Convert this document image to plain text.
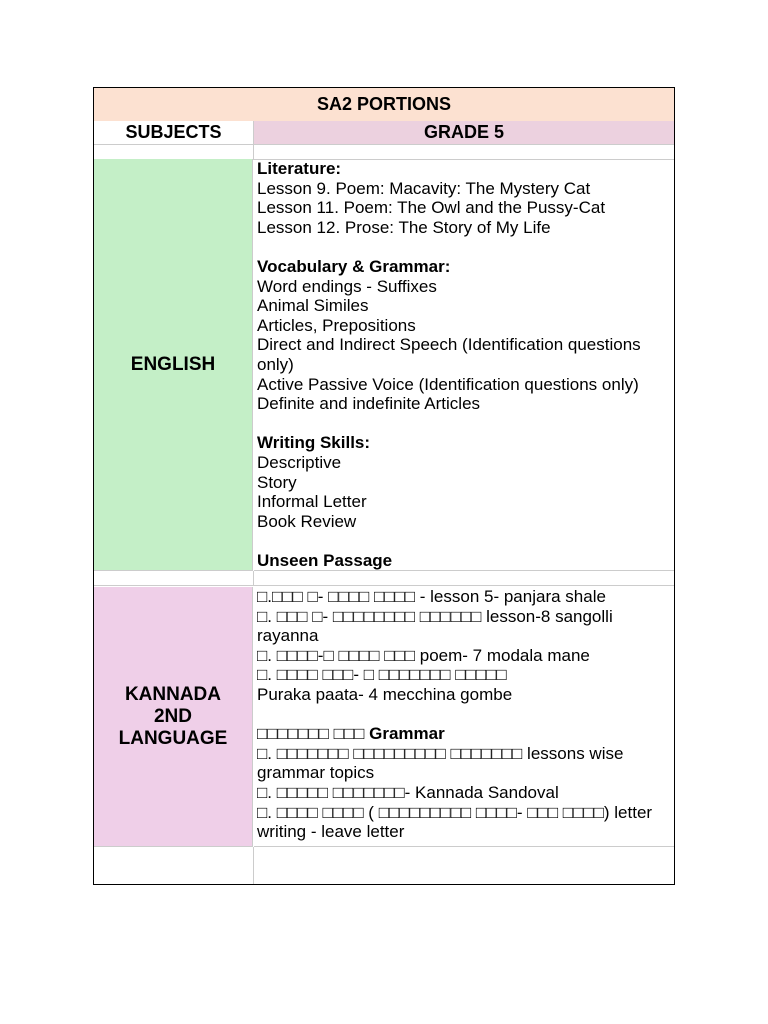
SA2 PORTIONS
SUBJECTS	GRADE 5
ENGLISH
Literature:
Lesson 9. Poem: Macavity: The Mystery Cat
Lesson 11. Poem: The Owl and the Pussy-Cat
Lesson 12. Prose: The Story of My Life
Vocabulary & Grammar:
Word endings - Suffixes
Animal Similes
Articles, Prepositions
Direct and Indirect Speech (Identification questions only)
Active Passive Voice (Identification questions only)
Definite and indefinite Articles
Writing Skills:
Descriptive
Story
Informal Letter
Book Review
Unseen Passage
KANNADA
2ND
LANGUAGE
□.□□□ □- □□□□ □□□□ - lesson 5- panjara shale
□. □□□ □- □□□□□□□□ □□□□□□ lesson-8 sangolli rayanna
□. □□□□-□ □□□□ □□□ poem- 7 modala mane
□. □□□□ □□□- □ □□□□□□□ □□□□□
Puraka paata- 4 mecchina gombe
□□□□□□□ □□□ Grammar
□. □□□□□□□ □□□□□□□□□ □□□□□□□ lessons wise grammar topics
□. □□□□□ □□□□□□□- Kannada Sandoval
□. □□□□ □□□□ ( □□□□□□□□□ □□□□- □□□ □□□□) letter writing - leave letter
